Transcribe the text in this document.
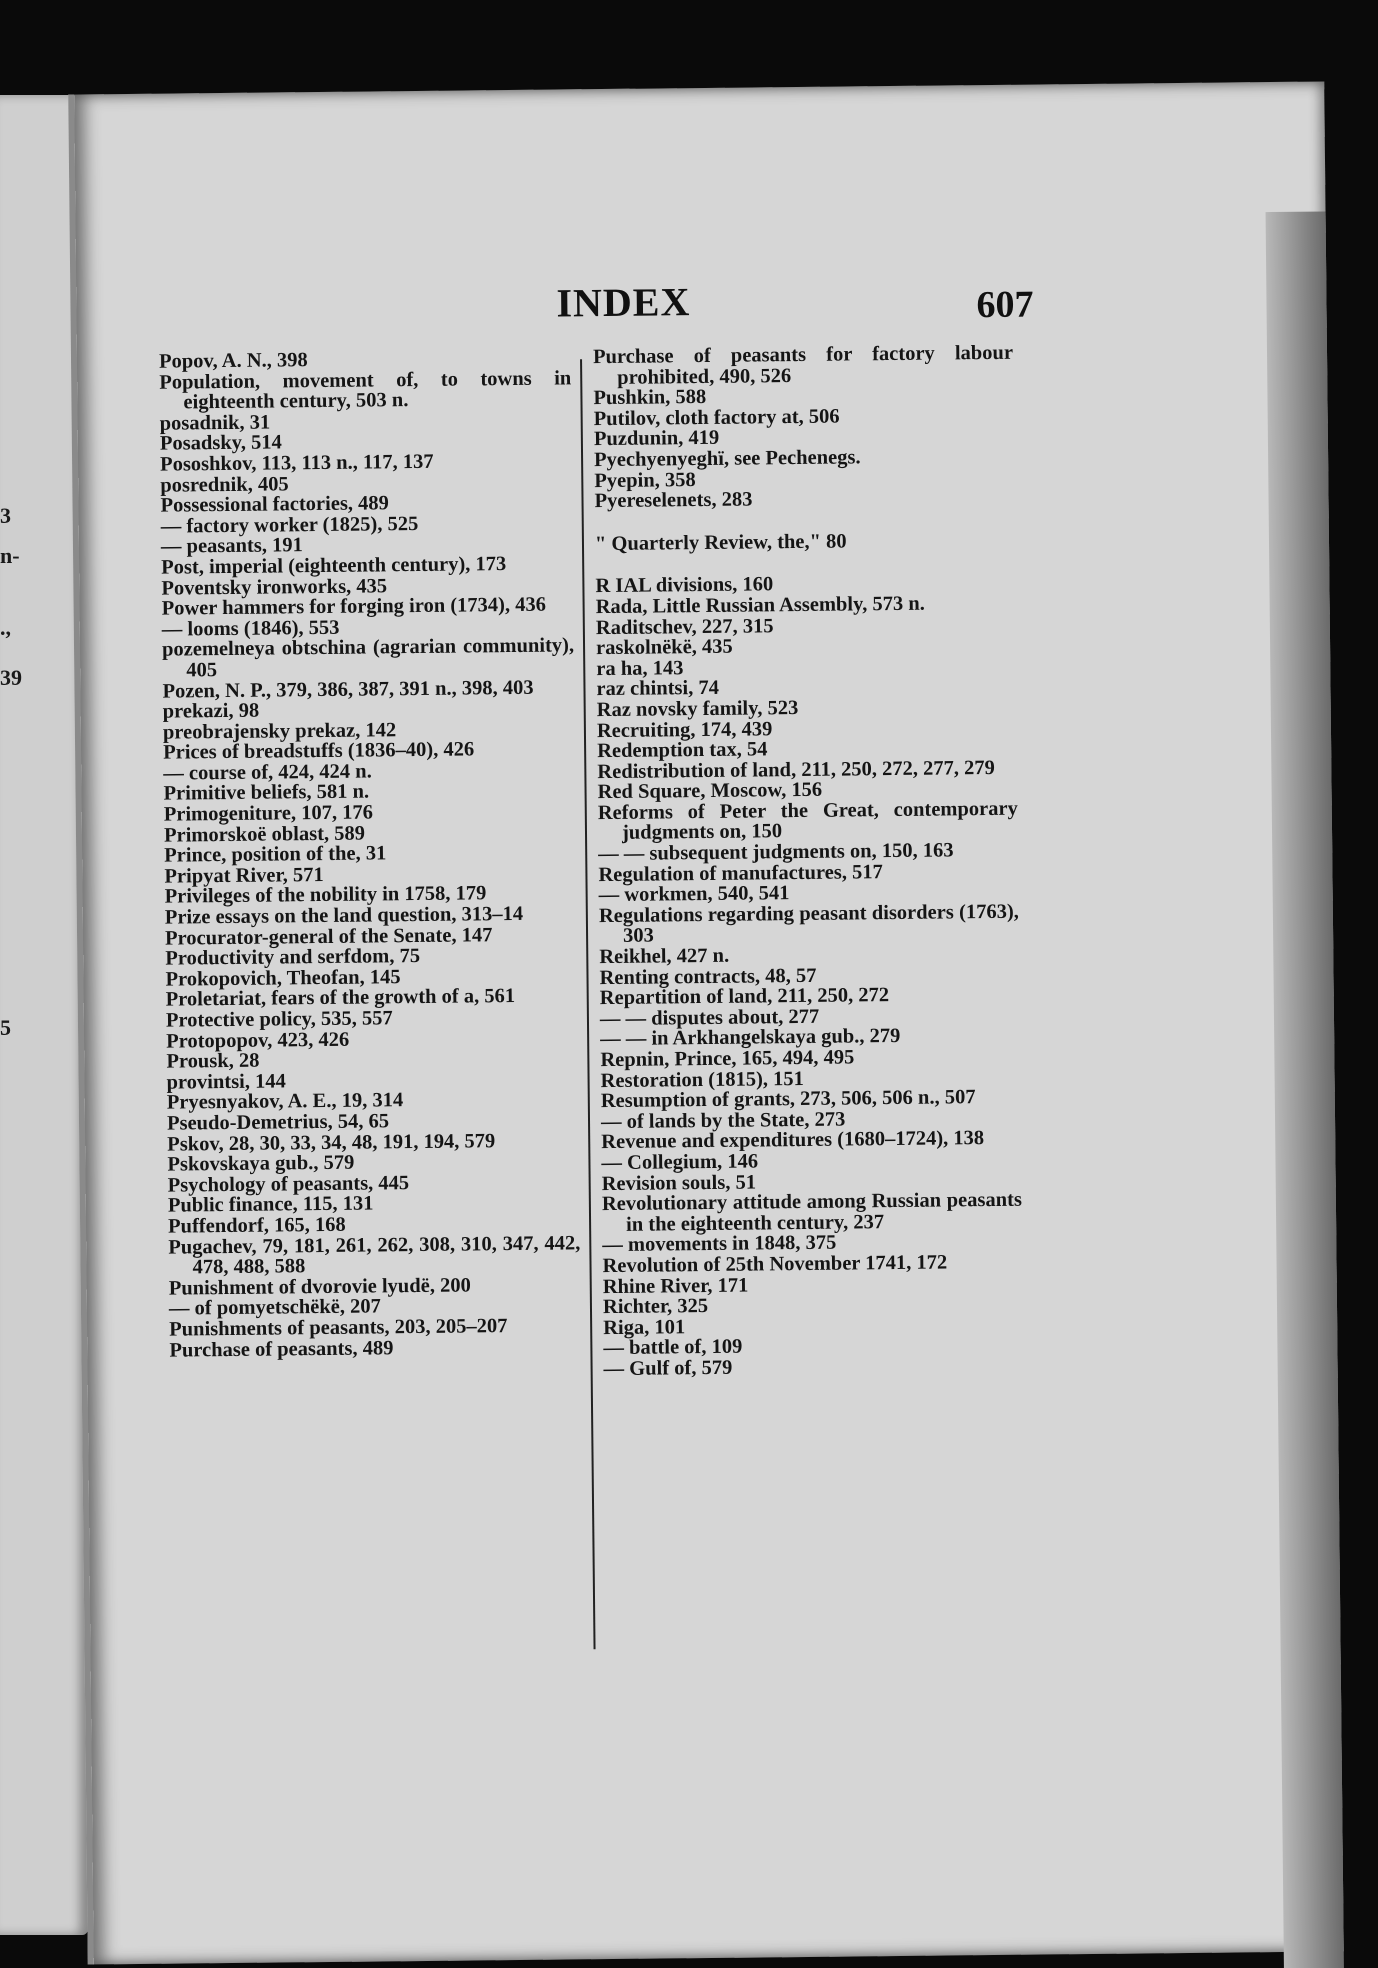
3
n-
.,
39
5
INDEX	607

Popov, A. N., 398

Population, movement of, to towns in eighteenth century, 503 n.

posadnik, 31

Posadsky, 514

Pososhkov, 113, 113 n., 117, 137

posrednik, 405

Possessional factories, 489

— factory worker (1825), 525

— peasants, 191

Post, imperial (eighteenth century), 173

Poventsky ironworks, 435

Power hammers for forging iron (1734), 436

— looms (1846), 553

pozemelneya obtschina (agrarian community), 405

Pozen, N. P., 379, 386, 387, 391 n., 398, 403

prekazi, 98

preobrajensky prekaz, 142

Prices of breadstuffs (1836–40), 426

— course of, 424, 424 n.

Primitive beliefs, 581 n.

Primogeniture, 107, 176

Primorskoë oblast, 589

Prince, position of the, 31

Pripyat River, 571

Privileges of the nobility in 1758, 179

Prize essays on the land question, 313–14

Procurator-general of the Senate, 147

Productivity and serfdom, 75

Prokopovich, Theofan, 145

Proletariat, fears of the growth of a, 561

Protective policy, 535, 557

Protopopov, 423, 426

Prousk, 28

provintsi, 144

Pryesnyakov, A. E., 19, 314

Pseudo-Demetrius, 54, 65

Pskov, 28, 30, 33, 34, 48, 191, 194, 579

Pskovskaya gub., 579

Psychology of peasants, 445

Public finance, 115, 131

Puffendorf, 165, 168

Pugachev, 79, 181, 261, 262, 308, 310, 347, 442, 478, 488, 588

Punishment of dvorovie lyudë, 200

— of pomyetschëkë, 207

Punishments of peasants, 203, 205–207

Purchase of peasants, 489

Purchase of peasants for factory labour prohibited, 490, 526

Pushkin, 588

Putilov, cloth factory at, 506

Puzdunin, 419

Pyechyenyeghï, see Pechenegs.

Pyepin, 358

Pyereselenets, 283

" Quarterly Review, the," 80

R IAL divisions, 160

Rada, Little Russian Assembly, 573 n.

Raditschev, 227, 315

raskolnëkë, 435

ra ha, 143

raz chintsi, 74

Raz novsky family, 523

Recruiting, 174, 439

Redemption tax, 54

Redistribution of land, 211, 250, 272, 277, 279

Red Square, Moscow, 156

Reforms of Peter the Great, contemporary judgments on, 150

— — subsequent judgments on, 150, 163

Regulation of manufactures, 517

— workmen, 540, 541

Regulations regarding peasant disorders (1763), 303

Reikhel, 427 n.

Renting contracts, 48, 57

Repartition of land, 211, 250, 272

— — disputes about, 277

— — in Arkhangelskaya gub., 279

Repnin, Prince, 165, 494, 495

Restoration (1815), 151

Resumption of grants, 273, 506, 506 n., 507

— of lands by the State, 273

Revenue and expenditures (1680–1724), 138

— Collegium, 146

Revision souls, 51

Revolutionary attitude among Russian peasants in the eighteenth century, 237

— movements in 1848, 375

Revolution of 25th November 1741, 172

Rhine River, 171

Richter, 325

Riga, 101

— battle of, 109

— Gulf of, 579
